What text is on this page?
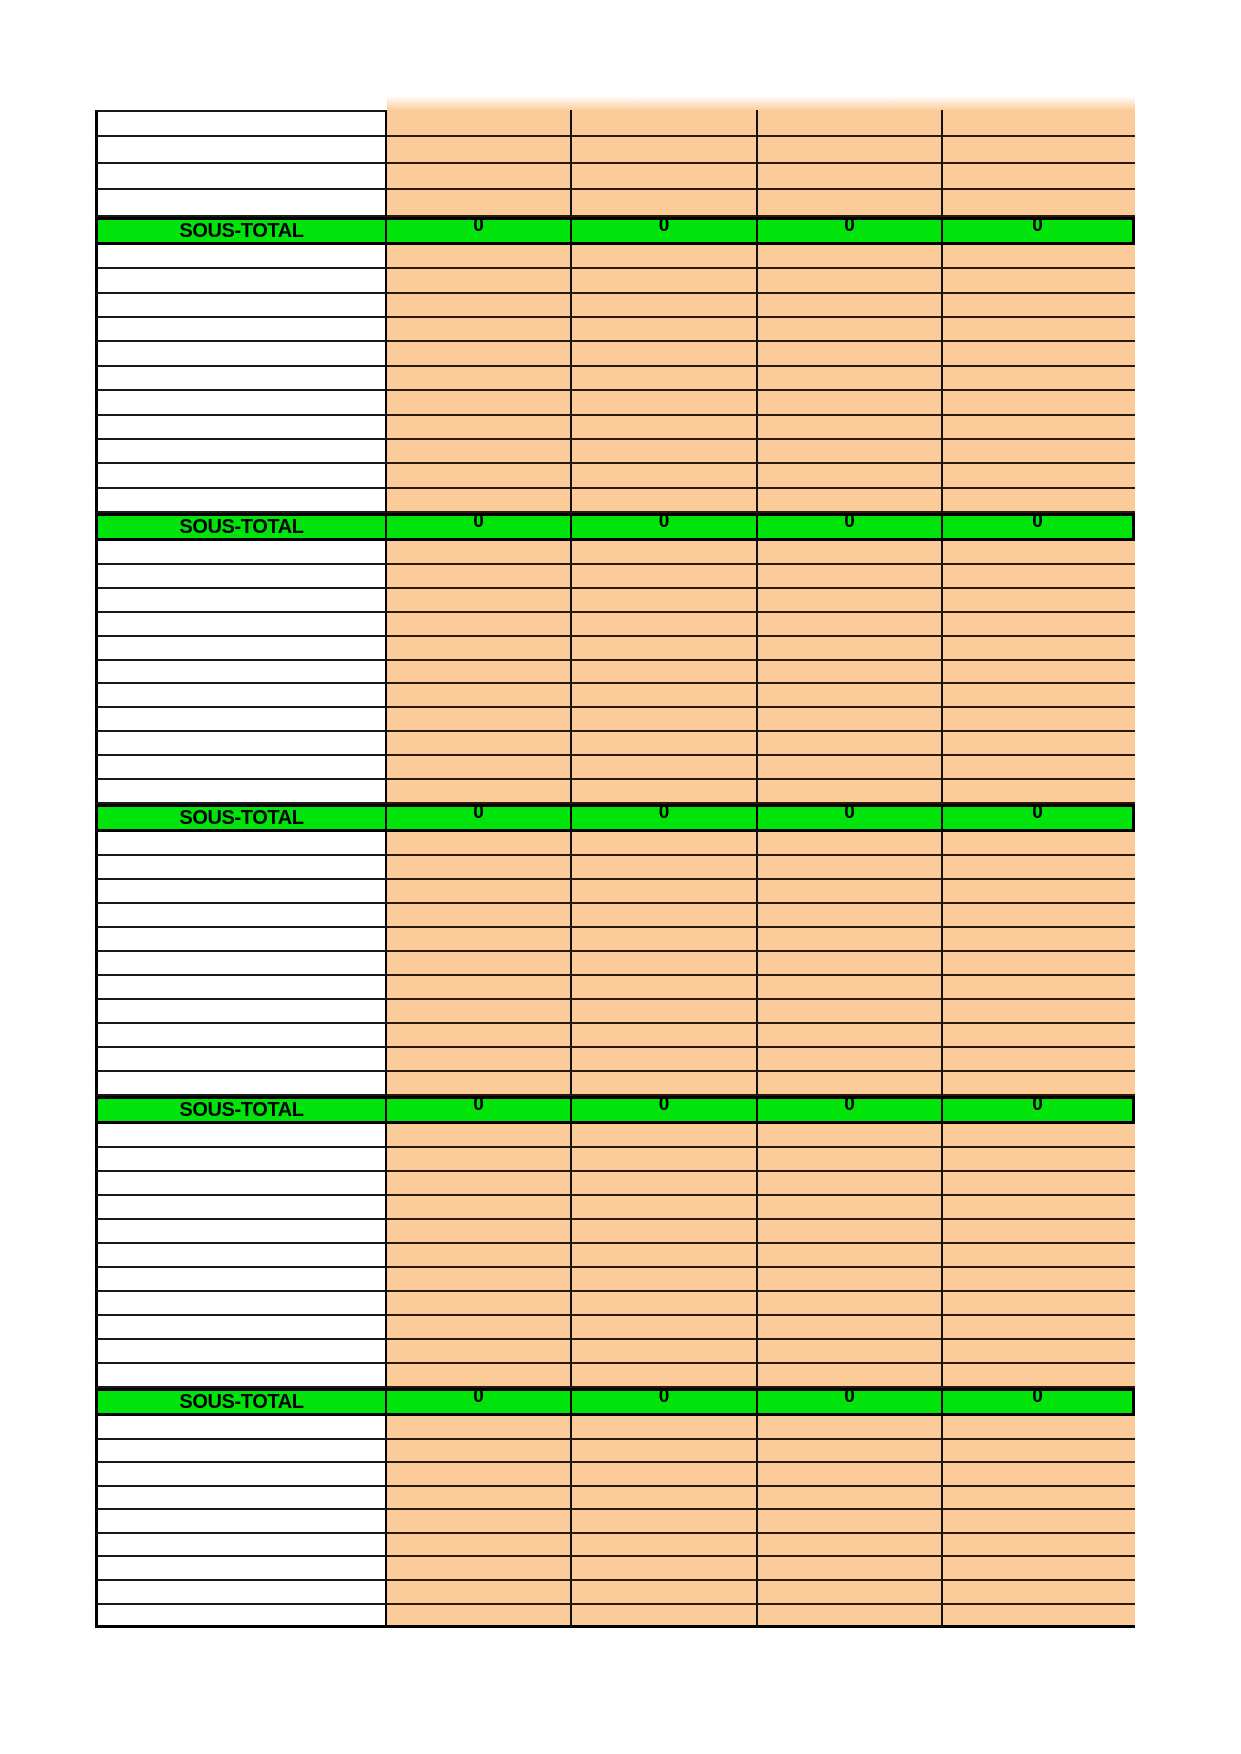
SOUS-TOTAL	0	0	0	0
SOUS-TOTAL	0	0	0	0
SOUS-TOTAL	0	0	0	0
SOUS-TOTAL	0	0	0	0
SOUS-TOTAL	0	0	0	0
